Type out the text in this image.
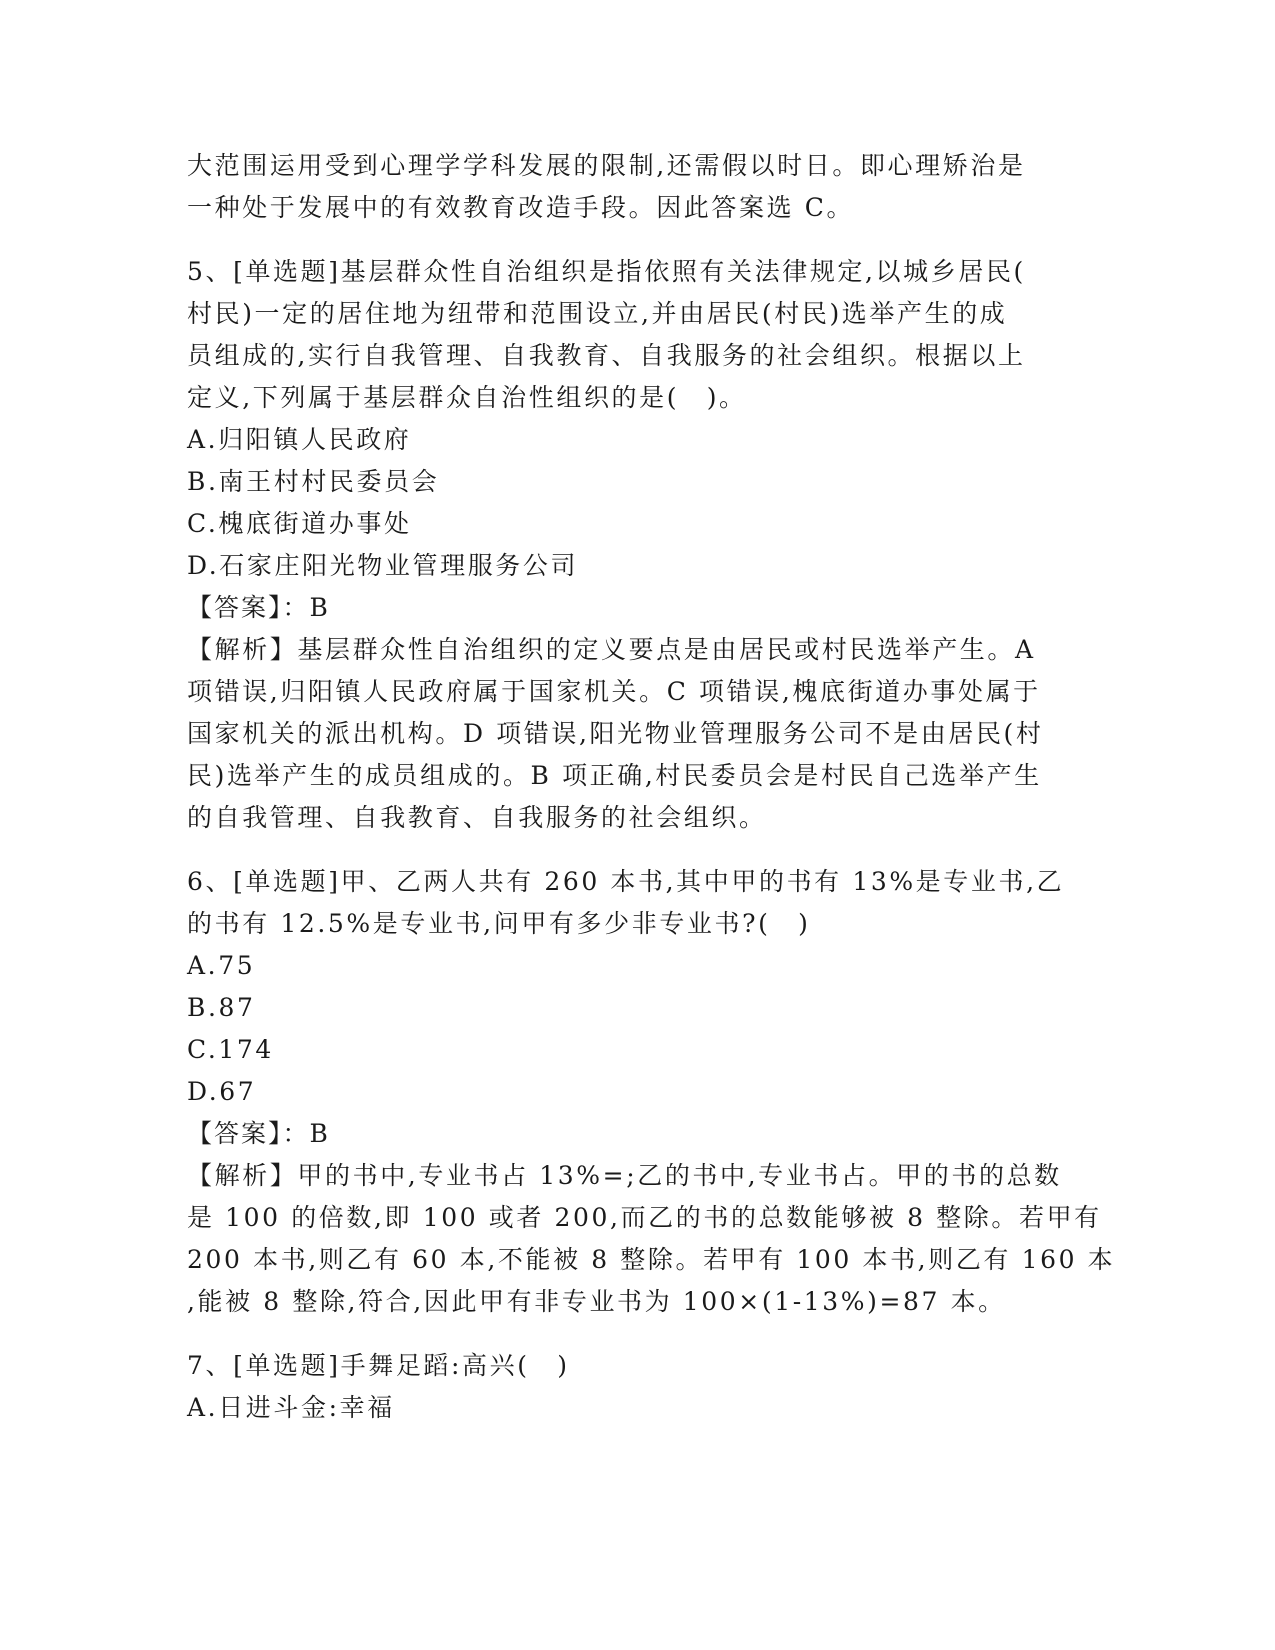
大范围运用受到心理学学科发展的限制,还需假以时日。即心理矫治是
一种处于发展中的有效教育改造手段。因此答案选 C。
5、[单选题]基层群众性自治组织是指依照有关法律规定,以城乡居民(
村民)一定的居住地为纽带和范围设立,并由居民(村民)选举产生的成
员组成的,实行自我管理、自我教育、自我服务的社会组织。根据以上
定义,下列属于基层群众自治性组织的是(　)。
A.归阳镇人民政府
B.南王村村民委员会
C.槐底街道办事处
D.石家庄阳光物业管理服务公司
【答案】：B
【解析】基层群众性自治组织的定义要点是由居民或村民选举产生。A
项错误,归阳镇人民政府属于国家机关。C 项错误,槐底街道办事处属于
国家机关的派出机构。D 项错误,阳光物业管理服务公司不是由居民(村
民)选举产生的成员组成的。B 项正确,村民委员会是村民自己选举产生
的自我管理、自我教育、自我服务的社会组织。
6、[单选题]甲、乙两人共有 260 本书,其中甲的书有 13%是专业书,乙
的书有 12.5%是专业书,问甲有多少非专业书?(　)
A.75
B.87
C.174
D.67
【答案】：B
【解析】甲的书中,专业书占 13%=;乙的书中,专业书占。甲的书的总数
是 100 的倍数,即 100 或者 200,而乙的书的总数能够被 8 整除。若甲有
200 本书,则乙有 60 本,不能被 8 整除。若甲有 100 本书,则乙有 160 本
,能被 8 整除,符合,因此甲有非专业书为 100×(1-13%)=87 本。
7、[单选题]手舞足蹈:高兴(　)
A.日进斗金:幸福
